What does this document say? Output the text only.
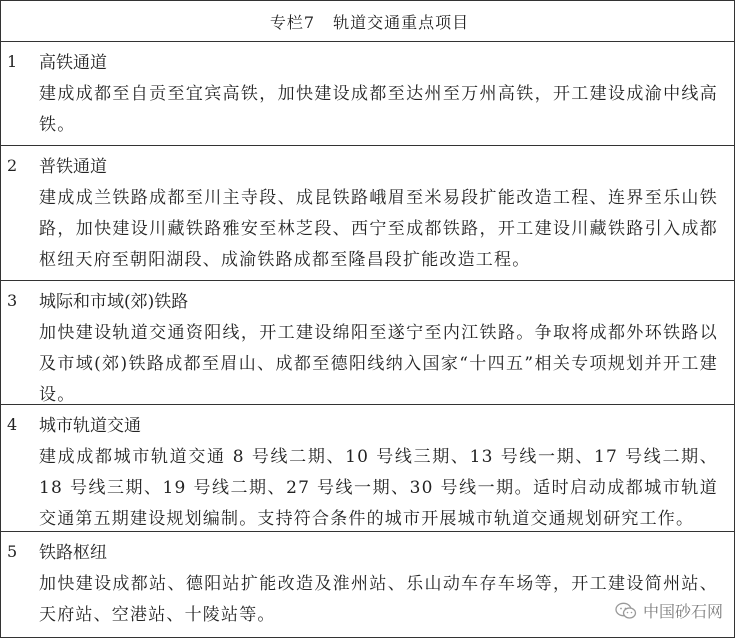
专栏7 轨道交通重点项目
1 高铁通道
建成成都至自贡至宜宾高铁，加快建设成都至达州至万州高铁，开工建设成渝中线高铁。
2 普铁通道
建成成兰铁路成都至川主寺段、成昆铁路峨眉至米易段扩能改造工程、连界至乐山铁路，加快建设川藏铁路雅安至林芝段、西宁至成都铁路，开工建设川藏铁路引入成都枢纽天府至朝阳湖段、成渝铁路成都至隆昌段扩能改造工程。
3 城际和市域(郊)铁路
加快建设轨道交通资阳线，开工建设绵阳至遂宁至内江铁路。争取将成都外环铁路以及市域(郊)铁路成都至眉山、成都至德阳线纳入国家“十四五”相关专项规划并开工建设。
4 城市轨道交通
建成成都城市轨道交通 8 号线二期、10 号线三期、13 号线一期、17 号线二期、18 号线三期、19 号线二期、27 号线一期、30 号线一期。适时启动成都城市轨道交通第五期建设规划编制。支持符合条件的城市开展城市轨道交通规划研究工作。
5 铁路枢纽
加快建设成都站、德阳站扩能改造及淮州站、乐山动车存车场等，开工建设简州站、天府站、空港站、十陵站等。	中国砂石网
